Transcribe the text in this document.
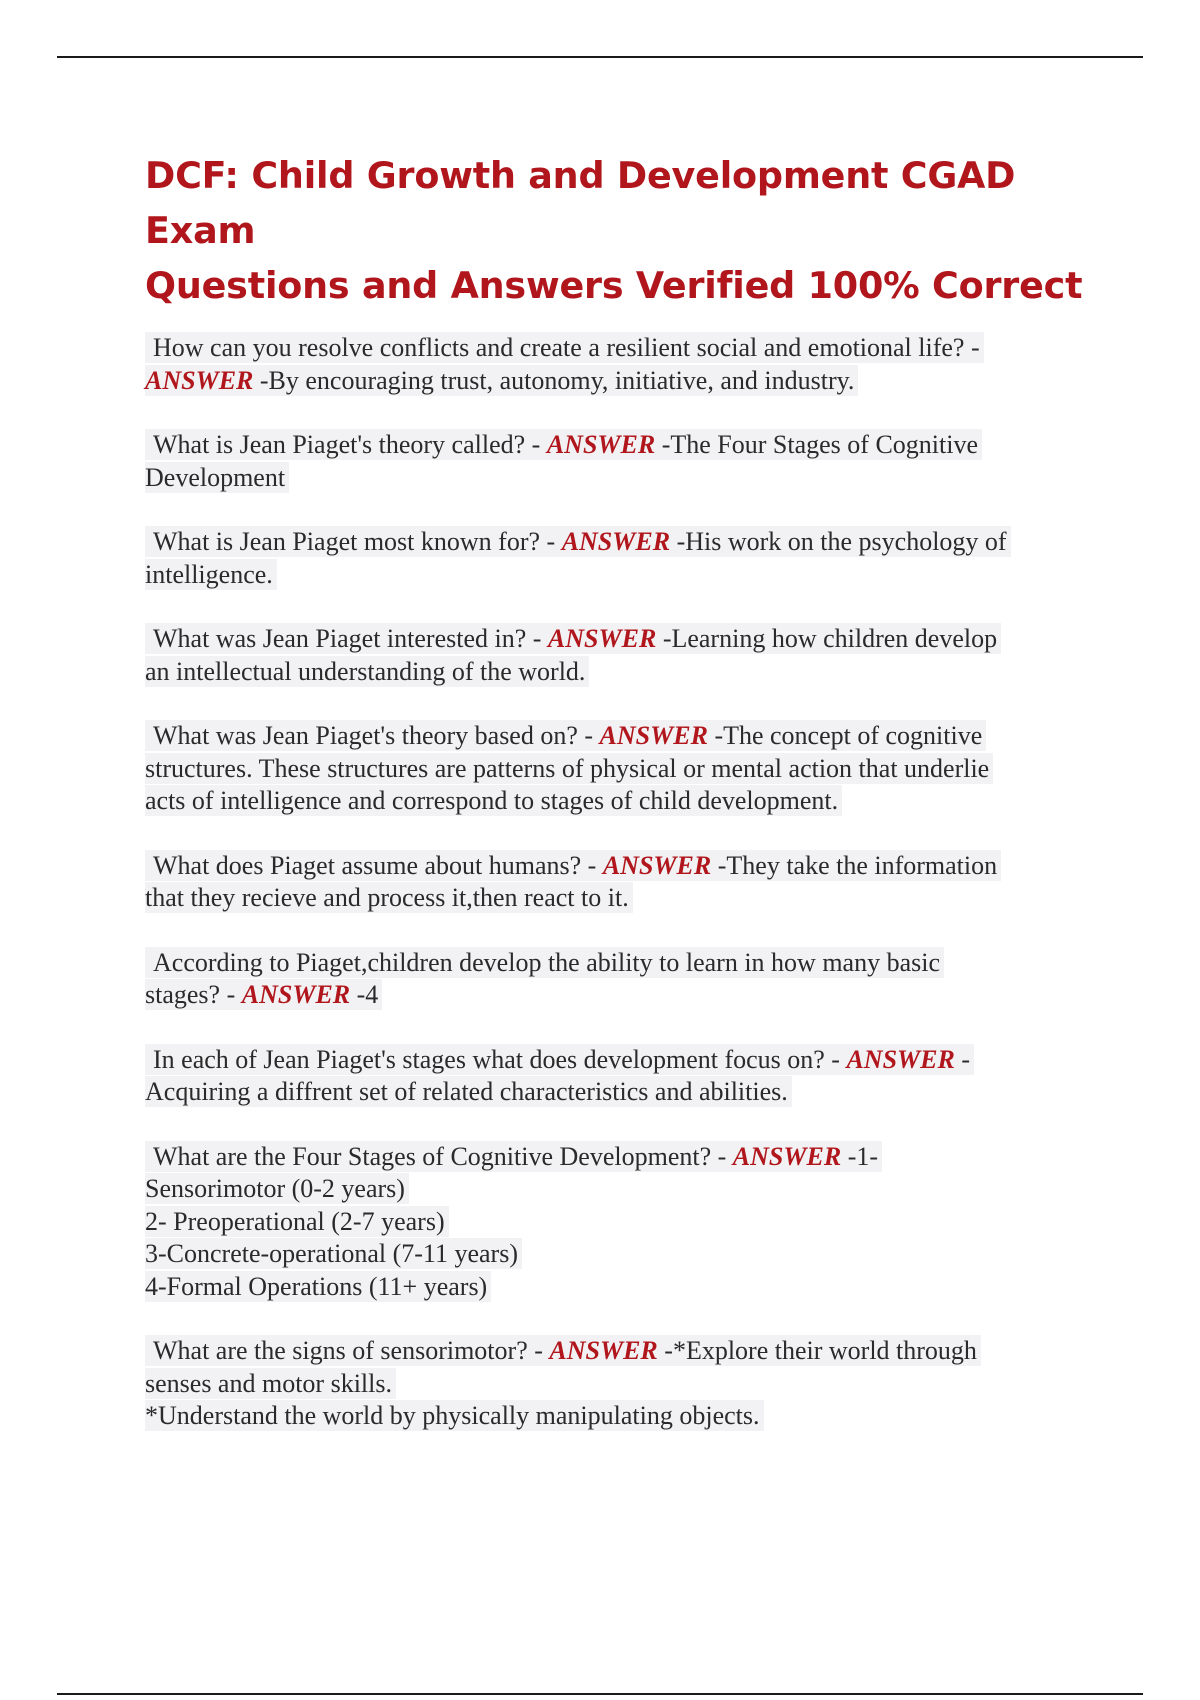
DCF: Child Growth and Development CGAD Exam
Questions and Answers Verified 100% Correct

How can you resolve conflicts and create a resilient social and emotional life? -
ANSWER -By encouraging trust, autonomy, initiative, and industry.

What is Jean Piaget's theory called? - ANSWER -The Four Stages of Cognitive
Development

What is Jean Piaget most known for? - ANSWER -His work on the psychology of
intelligence.

What was Jean Piaget interested in? - ANSWER -Learning how children develop
an intellectual understanding of the world.

What was Jean Piaget's theory based on? - ANSWER -The concept of cognitive
structures. These structures are patterns of physical or mental action that underlie
acts of intelligence and correspond to stages of child development.

What does Piaget assume about humans? - ANSWER -They take the information
that they recieve and process it,then react to it.

According to Piaget,children develop the ability to learn in how many basic
stages? - ANSWER -4

In each of Jean Piaget's stages what does development focus on? - ANSWER -
Acquiring a diffrent set of related characteristics and abilities.

What are the Four Stages of Cognitive Development? - ANSWER -1-
Sensorimotor (0-2 years)
2- Preoperational (2-7 years)
3-Concrete-operational (7-11 years)
4-Formal Operations (11+ years)

What are the signs of sensorimotor? - ANSWER -*Explore their world through
senses and motor skills.
*Understand the world by physically manipulating objects.
